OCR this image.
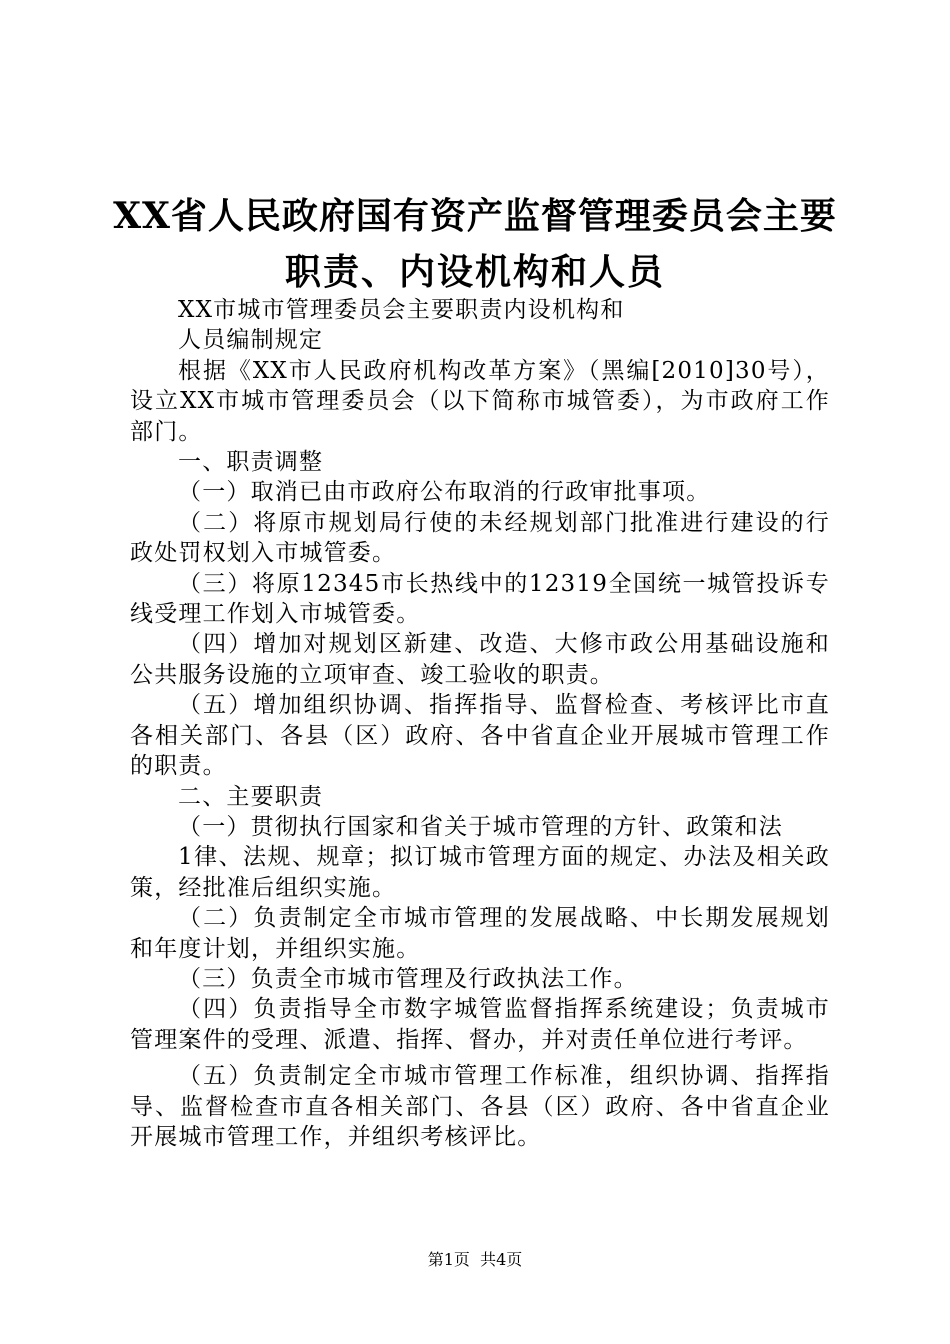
XX省人民政府国有资产监督管理委员会主要
职责、内设机构和人员

XX市城市管理委员会主要职责内设机构和

人员编制规定

根据《XX市人民政府机构改革方案》（黑编[2010]30号），设立XX市城市管理委员会（以下简称市城管委），为市政府工作部门。

一、职责调整

（一）取消已由市政府公布取消的行政审批事项。

（二）将原市规划局行使的未经规划部门批准进行建设的行政处罚权划入市城管委。

（三）将原12345市长热线中的12319全国统一城管投诉专线受理工作划入市城管委。

（四）增加对规划区新建、改造、大修市政公用基础设施和公共服务设施的立项审查、竣工验收的职责。

（五）增加组织协调、指挥指导、监督检查、考核评比市直各相关部门、各县（区）政府、各中省直企业开展城市管理工作的职责。

二、主要职责

（一）贯彻执行国家和省关于城市管理的方针、政策和法

1律、法规、规章；拟订城市管理方面的规定、办法及相关政策，经批准后组织实施。

（二）负责制定全市城市管理的发展战略、中长期发展规划和年度计划，并组织实施。

（三）负责全市城市管理及行政执法工作。

（四）负责指导全市数字城管监督指挥系统建设；负责城市管理案件的受理、派遣、指挥、督办，并对责任单位进行考评。

（五）负责制定全市城市管理工作标准，组织协调、指挥指导、监督检查市直各相关部门、各县（区）政府、各中省直企业开展城市管理工作，并组织考核评比。

第1页  共4页
